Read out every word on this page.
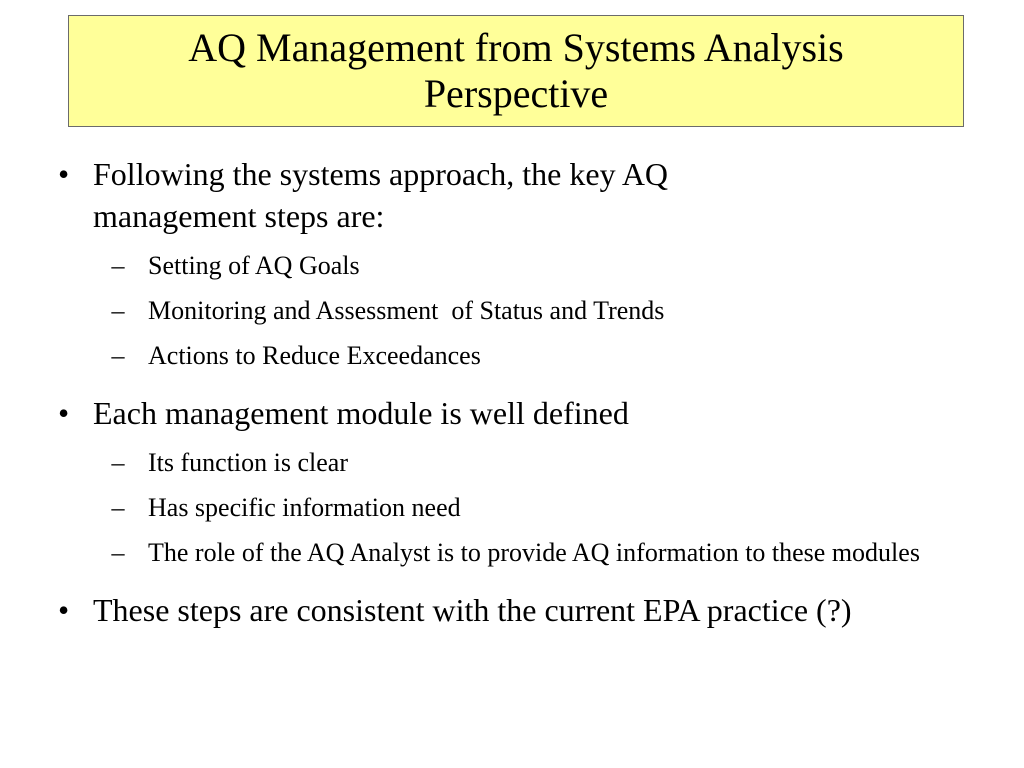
AQ Management from Systems Analysis
Perspective
• Following the systems approach, the key AQ management steps are:
– Setting of AQ Goals
– Monitoring and Assessment  of Status and Trends
– Actions to Reduce Exceedances
• Each management module is well defined
– Its function is clear
– Has specific information need
– The role of the AQ Analyst is to provide AQ information to these modules
• These steps are consistent with the current EPA practice (?)
